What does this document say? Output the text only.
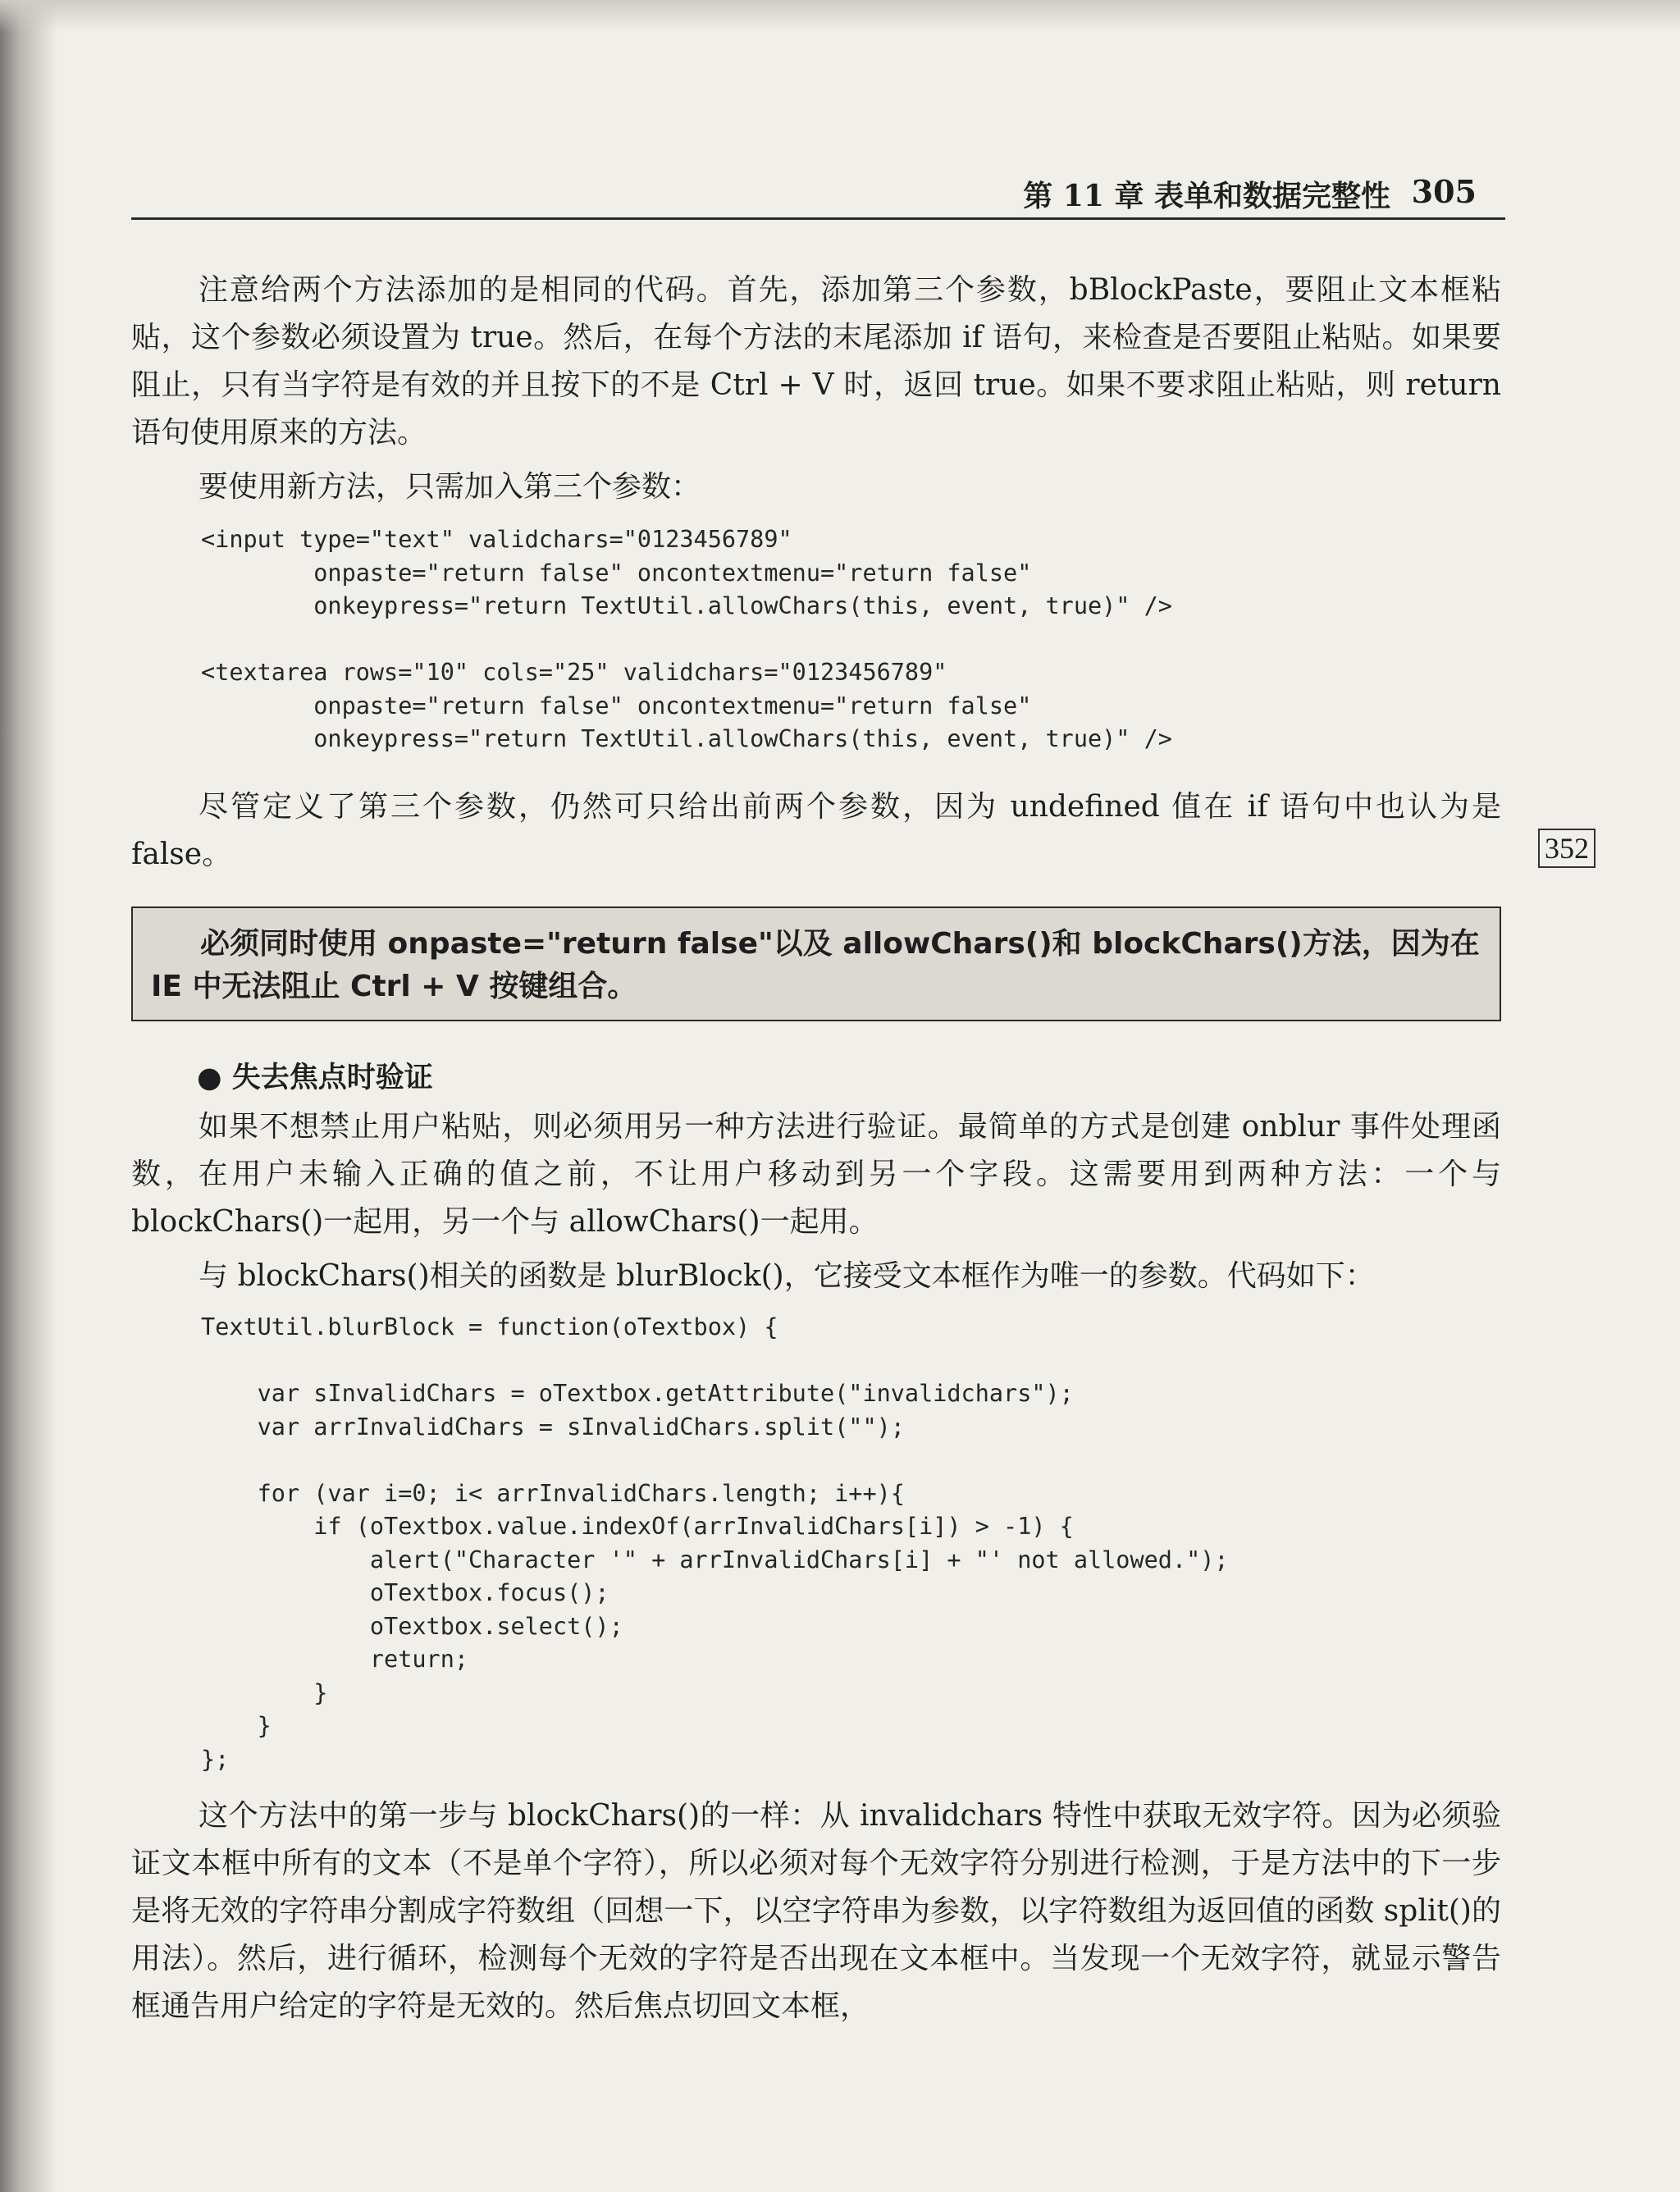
第 11 章 表单和数据完整性 305
352
注意给两个方法添加的是相同的代码。首先，添加第三个参数，bBlockPaste，要阻止文本框粘贴，这个参数必须设置为 true。然后，在每个方法的末尾添加 if 语句，来检查是否要阻止粘贴。如果要阻止，只有当字符是有效的并且按下的不是 Ctrl + V 时，返回 true。如果不要求阻止粘贴，则 return 语句使用原来的方法。
要使用新方法，只需加入第三个参数：
<input type="text" validchars="0123456789"
onpaste="return false" oncontextmenu="return false"
onkeypress="return TextUtil.allowChars(this, event, true)" />

<textarea rows="10" cols="25" validchars="0123456789"
onpaste="return false" oncontextmenu="return false"
onkeypress="return TextUtil.allowChars(this, event, true)" />
尽管定义了第三个参数，仍然可只给出前两个参数，因为 undefined 值在 if 语句中也认为是 false。
必须同时使用 onpaste="return false"以及 allowChars()和 blockChars()方法，因为在 IE 中无法阻止 Ctrl + V 按键组合。
● 失去焦点时验证
如果不想禁止用户粘贴，则必须用另一种方法进行验证。最简单的方式是创建 onblur 事件处理函数，在用户未输入正确的值之前，不让用户移动到另一个字段。这需要用到两种方法：一个与 blockChars()一起用，另一个与 allowChars()一起用。
与 blockChars()相关的函数是 blurBlock()，它接受文本框作为唯一的参数。代码如下：
TextUtil.blurBlock = function(oTextbox) {

var sInvalidChars = oTextbox.getAttribute("invalidchars");
var arrInvalidChars = sInvalidChars.split("");

for (var i=0; i< arrInvalidChars.length; i++){
if (oTextbox.value.indexOf(arrInvalidChars[i]) > -1) {
alert("Character '" + arrInvalidChars[i] + "' not allowed.");
oTextbox.focus();
oTextbox.select();
return;
}
}
};
这个方法中的第一步与 blockChars()的一样：从 invalidchars 特性中获取无效字符。因为必须验证文本框中所有的文本（不是单个字符），所以必须对每个无效字符分别进行检测，于是方法中的下一步是将无效的字符串分割成字符数组（回想一下，以空字符串为参数，以字符数组为返回值的函数 split()的用法）。然后，进行循环，检测每个无效的字符是否出现在文本框中。当发现一个无效字符，就显示警告框通告用户给定的字符是无效的。然后焦点切回文本框，
